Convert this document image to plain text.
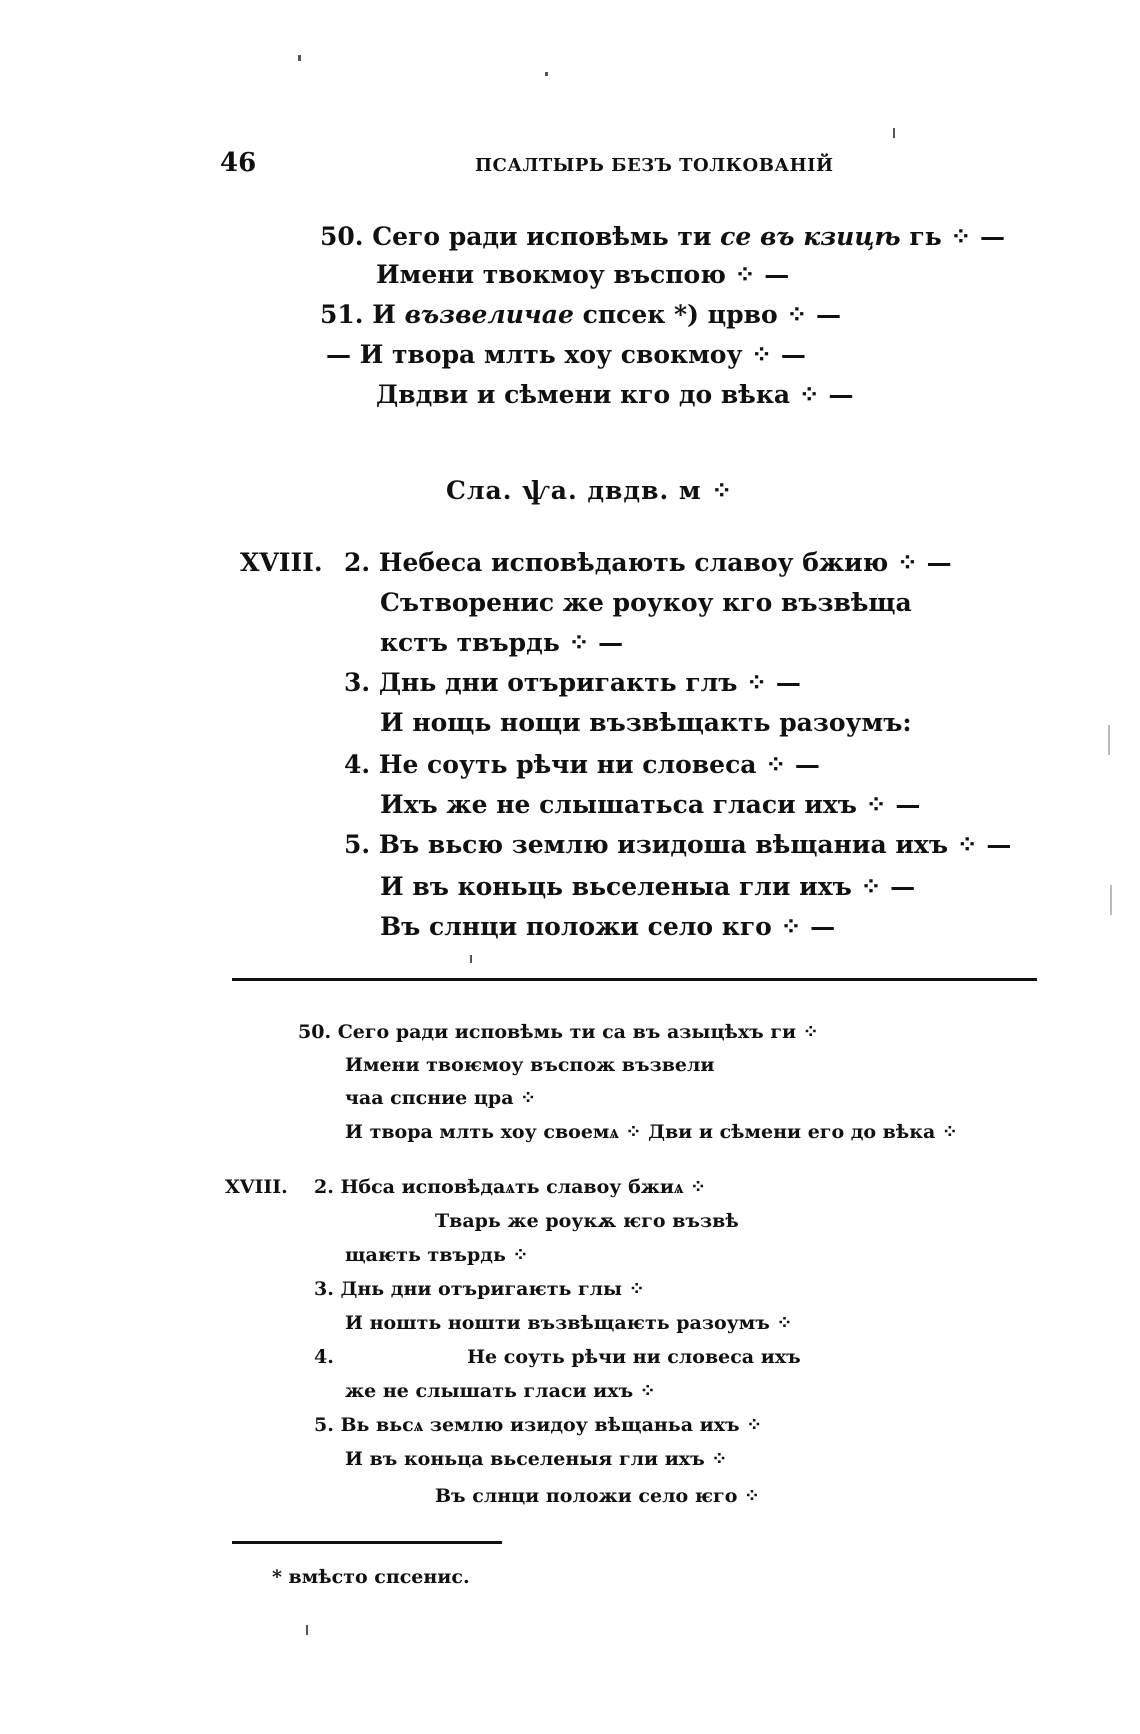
46	ПСАЛТЫРЬ БЕЗЪ ТОЛКОВАНІЙ
50. Сего ради исповѣмь ти се въ кзицѣ гь ⁘ —
Имени твокмоу въспою ⁘ —
51. И възвеличае спсек *) црво ⁘ —
— И твора млть хоу свокмоу ⁘ —
Двдви и сѣмени кго до вѣка ⁘ —
Сла. ѱа. двдв. м ⁘
XVIII. 2. Небеса исповѣдають славоу бжию ⁘ —
Сътворенис же роукоу кго възвѣща
кстъ твърдь ⁘ —
3. Днь дни отъригакть глъ ⁘ —
И нощь нощи възвѣщакть разоумъ:
4. Не соуть рѣчи ни словеса ⁘ —
Ихъ же не слышатьса гласи ихъ ⁘ —
5. Въ вьсю землю изидоша вѣщаниа ихъ ⁘ —
И въ коньць вьселеныа гли ихъ ⁘ —
Въ слнци положи село кго ⁘ —
50. Сего ради исповѣмь ти са въ азыцѣхъ ги ⁘
Имени твоѥмоу въспож възвели
чаа спсние цра ⁘
И твора млть хоу своемѧ ⁘ Дви и сѣмени его до вѣка ⁘
XVIII. 2. Нбса исповѣдаѧть славоу бжиѧ ⁘
Тварь же роукѫ ѥго възвѣ
щаѥть твърдь ⁘
3. Днь дни отъригаѥть глы ⁘
И ношть ношти възвѣщаѥть разоумъ ⁘
4.	Не соуть рѣчи ни словеса ихъ
же не слышать гласи ихъ ⁘
5. Вь вьсѧ землю изидоу вѣщаньа ихъ ⁘
И въ коньца вьселеныя гли ихъ ⁘
Въ слнци положи село ѥго ⁘
* вмѣсто спсенис.
